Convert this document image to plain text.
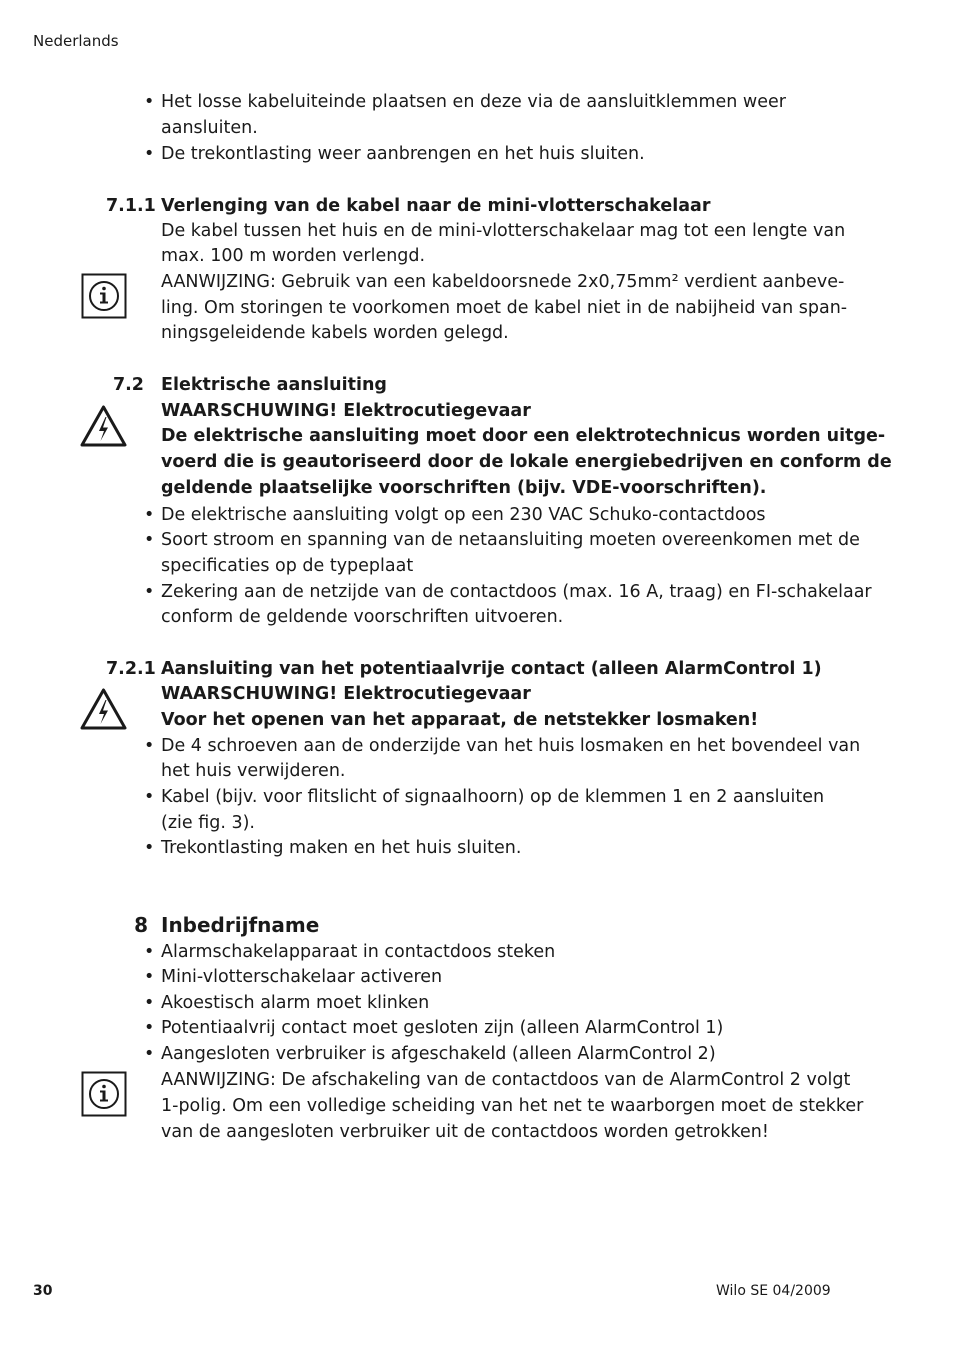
Nederlands
• Het losse kabeluiteinde plaatsen en deze via de aansluitklemmen weer
aansluiten.
• De trekontlasting weer aanbrengen en het huis sluiten.
7.1.1 Verlenging van de kabel naar de mini-vlotterschakelaar
De kabel tussen het huis en de mini-vlotterschakelaar mag tot een lengte van
max. 100 m worden verlengd.
AANWIJZING: Gebruik van een kabeldoorsnede 2x0,75mm² verdient aanbeve-
ling. Om storingen te voorkomen moet de kabel niet in de nabijheid van span-
ningsgeleidende kabels worden gelegd.
7.2 Elektrische aansluiting
WAARSCHUWING! Elektrocutiegevaar
De elektrische aansluiting moet door een elektrotechnicus worden uitge-
voerd die is geautoriseerd door de lokale energiebedrijven en conform de
geldende plaatselijke voorschriften (bijv. VDE-voorschriften).
• De elektrische aansluiting volgt op een 230 VAC Schuko-contactdoos
• Soort stroom en spanning van de netaansluiting moeten overeenkomen met de
specificaties op de typeplaat
• Zekering aan de netzijde van de contactdoos (max. 16 A, traag) en FI-schakelaar
conform de geldende voorschriften uitvoeren.
7.2.1 Aansluiting van het potentiaalvrije contact (alleen AlarmControl 1)
WAARSCHUWING! Elektrocutiegevaar
Voor het openen van het apparaat, de netstekker losmaken!
• De 4 schroeven aan de onderzijde van het huis losmaken en het bovendeel van
het huis verwijderen.
• Kabel (bijv. voor flitslicht of signaalhoorn) op de klemmen 1 en 2 aansluiten
(zie fig. 3).
• Trekontlasting maken en het huis sluiten.
8 Inbedrijfname
• Alarmschakelapparaat in contactdoos steken
• Mini-vlotterschakelaar activeren
• Akoestisch alarm moet klinken
• Potentiaalvrij contact moet gesloten zijn (alleen AlarmControl 1)
• Aangesloten verbruiker is afgeschakeld (alleen AlarmControl 2)
AANWIJZING: De afschakeling van de contactdoos van de AlarmControl 2 volgt
1-polig. Om een volledige scheiding van het net te waarborgen moet de stekker
van de aangesloten verbruiker uit de contactdoos worden getrokken!
30	Wilo SE 04/2009
